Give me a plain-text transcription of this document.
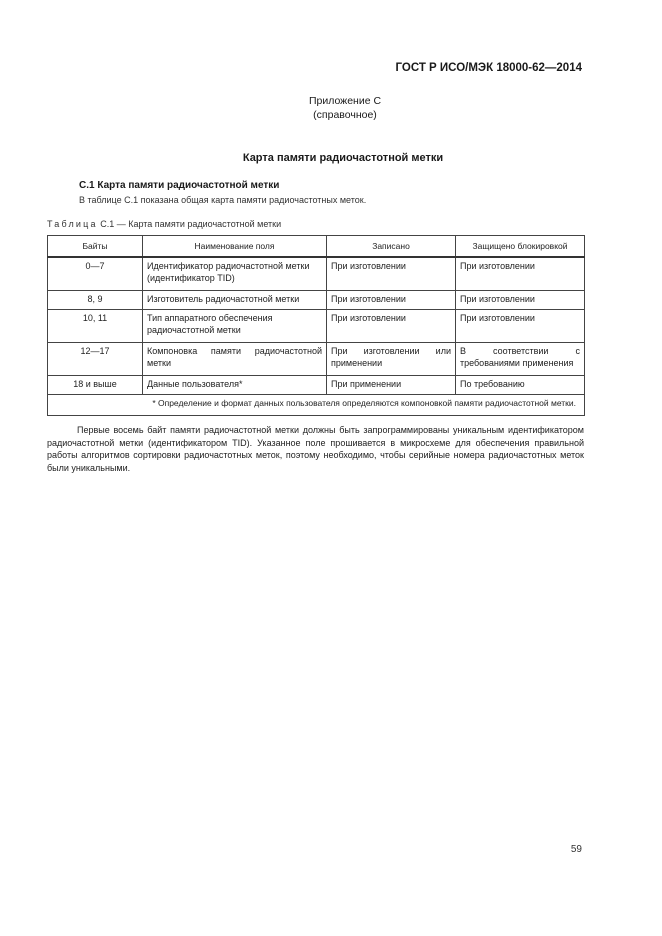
ГОСТ Р ИСО/МЭК 18000-62—2014
Приложение С
(справочное)
Карта памяти радиочастотной метки
С.1 Карта памяти радиочастотной метки
В таблице С.1 показана общая карта памяти радиочастотных меток.
Таблица С.1 — Карта памяти радиочастотной метки
Байты	Наименование поля	Записано	Защищено блокировкой
0—7	Идентификатор радиочастотной метки (идентификатор TID)	При изготовлении	При изготовлении
8, 9	Изготовитель радиочастотной метки	При изготовлении	При изготовлении
10, 11	Тип аппаратного обеспечения радиочастотной метки	При изготовлении	При изготовлении
12—17	Компоновка памяти радиочастотной метки	При изготовлении или применении	В соответствии с требованиями применения
18 и выше	Данные пользователя*	При применении	По требованию
* Определение и формат данных пользователя определяются компоновкой памяти радиочастотной метки.			

Первые восемь байт памяти радиочастотной метки должны быть запрограммированы уникальным идентификатором радиочастотной метки (идентификатором TID). Указанное поле прошивается в микросхеме для обеспечения правильной работы алгоритмов сортировки радиочастотных меток, поэтому необходимо, чтобы серийные номера радиочастотных меток были уникальными.

59
